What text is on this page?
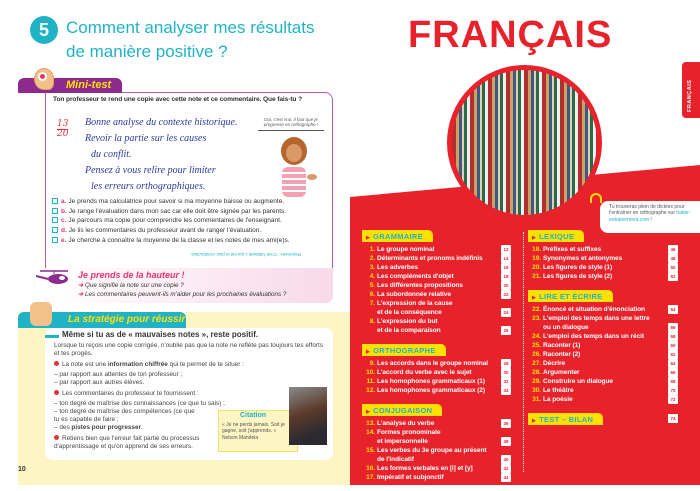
5	Comment analyser mes résultats
de manière positive ?
Mini-test
Ton professeur te rend une copie avec cette note et ce commentaire. Que fais-tu ?
13
20
Bonne analyse du contexte historique.
Revoir la partie sur les causes
du conflit.
Pensez à vous relire pour limiter
les erreurs orthographiques.
Oui, c'est vrai, il faut que je progresse en orthographe !
a. Je prends ma calculatrice pour savoir si ma moyenne baisse ou augmente.
b. Je range l'évaluation dans mon sac car elle doit être signée par les parents.
c. Je parcours ma copie pour comprendre les commentaires de l'enseignant.
d. Je lis les commentaires du professeur avant de ranger l'évaluation.
e. Je cherche à connaître la moyenne de la classe et les notes de mes ami(e)s.
Réponses : C'est l'attitude c qui est la plus constructive.
Je prends de la hauteur !
➔ Que signifie la note sur une copie ?
➔ Les commentaires peuvent-ils m'aider pour les prochaines évaluations ?
La stratégie pour réussir
Même si tu as de « mauvaises notes », reste positif.

Lorsque tu reçois une copie corrigée, n'oublie pas que la note ne reflète pas toujours tes efforts et tes progès.

La note est une information chiffrée qui te permet de te situer :

– par rapport aux attentes de ton professeur ;
– par rapport aux autres élèves.

Les commentaires du professeur te fournissent :

– ton degré de maîtrise des connaissances (ce que tu sais) ;
– ton degré de maîtrise des compétences (ce que
tu es capable de faire ;
– des pistes pour progresser.

Retiens bien que l'erreur fait partie du processus d'apprentissage et qu'on apprend de ses erreurs.

Citation
« Je ne perds jamais. Soit je gagne, soit j'apprends. » Nelson Mandela
10
FRANÇAIS
FRANÇAIS
Tu trouveras plein de dictées pour t'entraîner en orthographe sur hatier-entrainement.com !
▶ GRAMMAIRE
1. Le groupe nominal	12
2. Déterminants et pronoms indéfinis	14
3. Les adverbes	16
4. Les compléments d'objet	18
5. Les différentes propositions	20
6. La subordonnée relative	22
7. L'expression de la cause
et de la conséquence	24
8. L'expression du but
et de la comparaison	26
▶ ORTHOGRAPHE
9. Les accords dans le groupe nominal	28
10. L'accord du verbe avec le sujet	30
11. Les homophones grammaticaux (1)	32
12. Les homophones grammaticaux (2)	34
▶ CONJUGAISON
13. L'analyse du verbe	36
14. Formes pronominale
et impersonnelle	38
15. Les verbes du 3e groupe au présent
de l'indicatif	40
16. Les formes verbales en [i] et [y]	42
17. Impératif et subjonctif	44
▶ LEXIQUE
18. Préfixes et suffixes	46
19. Synonymes et antonymes	48
20. Les figures de style (1)	50
21. Les figures de style (2)	52
▶ LIRE ET ÉCRIRE
22. Énoncé et situation d'énonciation	54
23. L'emploi des temps dans une lettre
ou un dialogue	56
24. L'emploi des temps dans un récit	58
25. Raconter (1)	60
26. Raconter (2)	62
27. Décrire	64
28. Argumenter	66
29. Construire un dialogue	68
30. Le théâtre	70
31. La poésie	72
▶ TEST – BILAN	74
